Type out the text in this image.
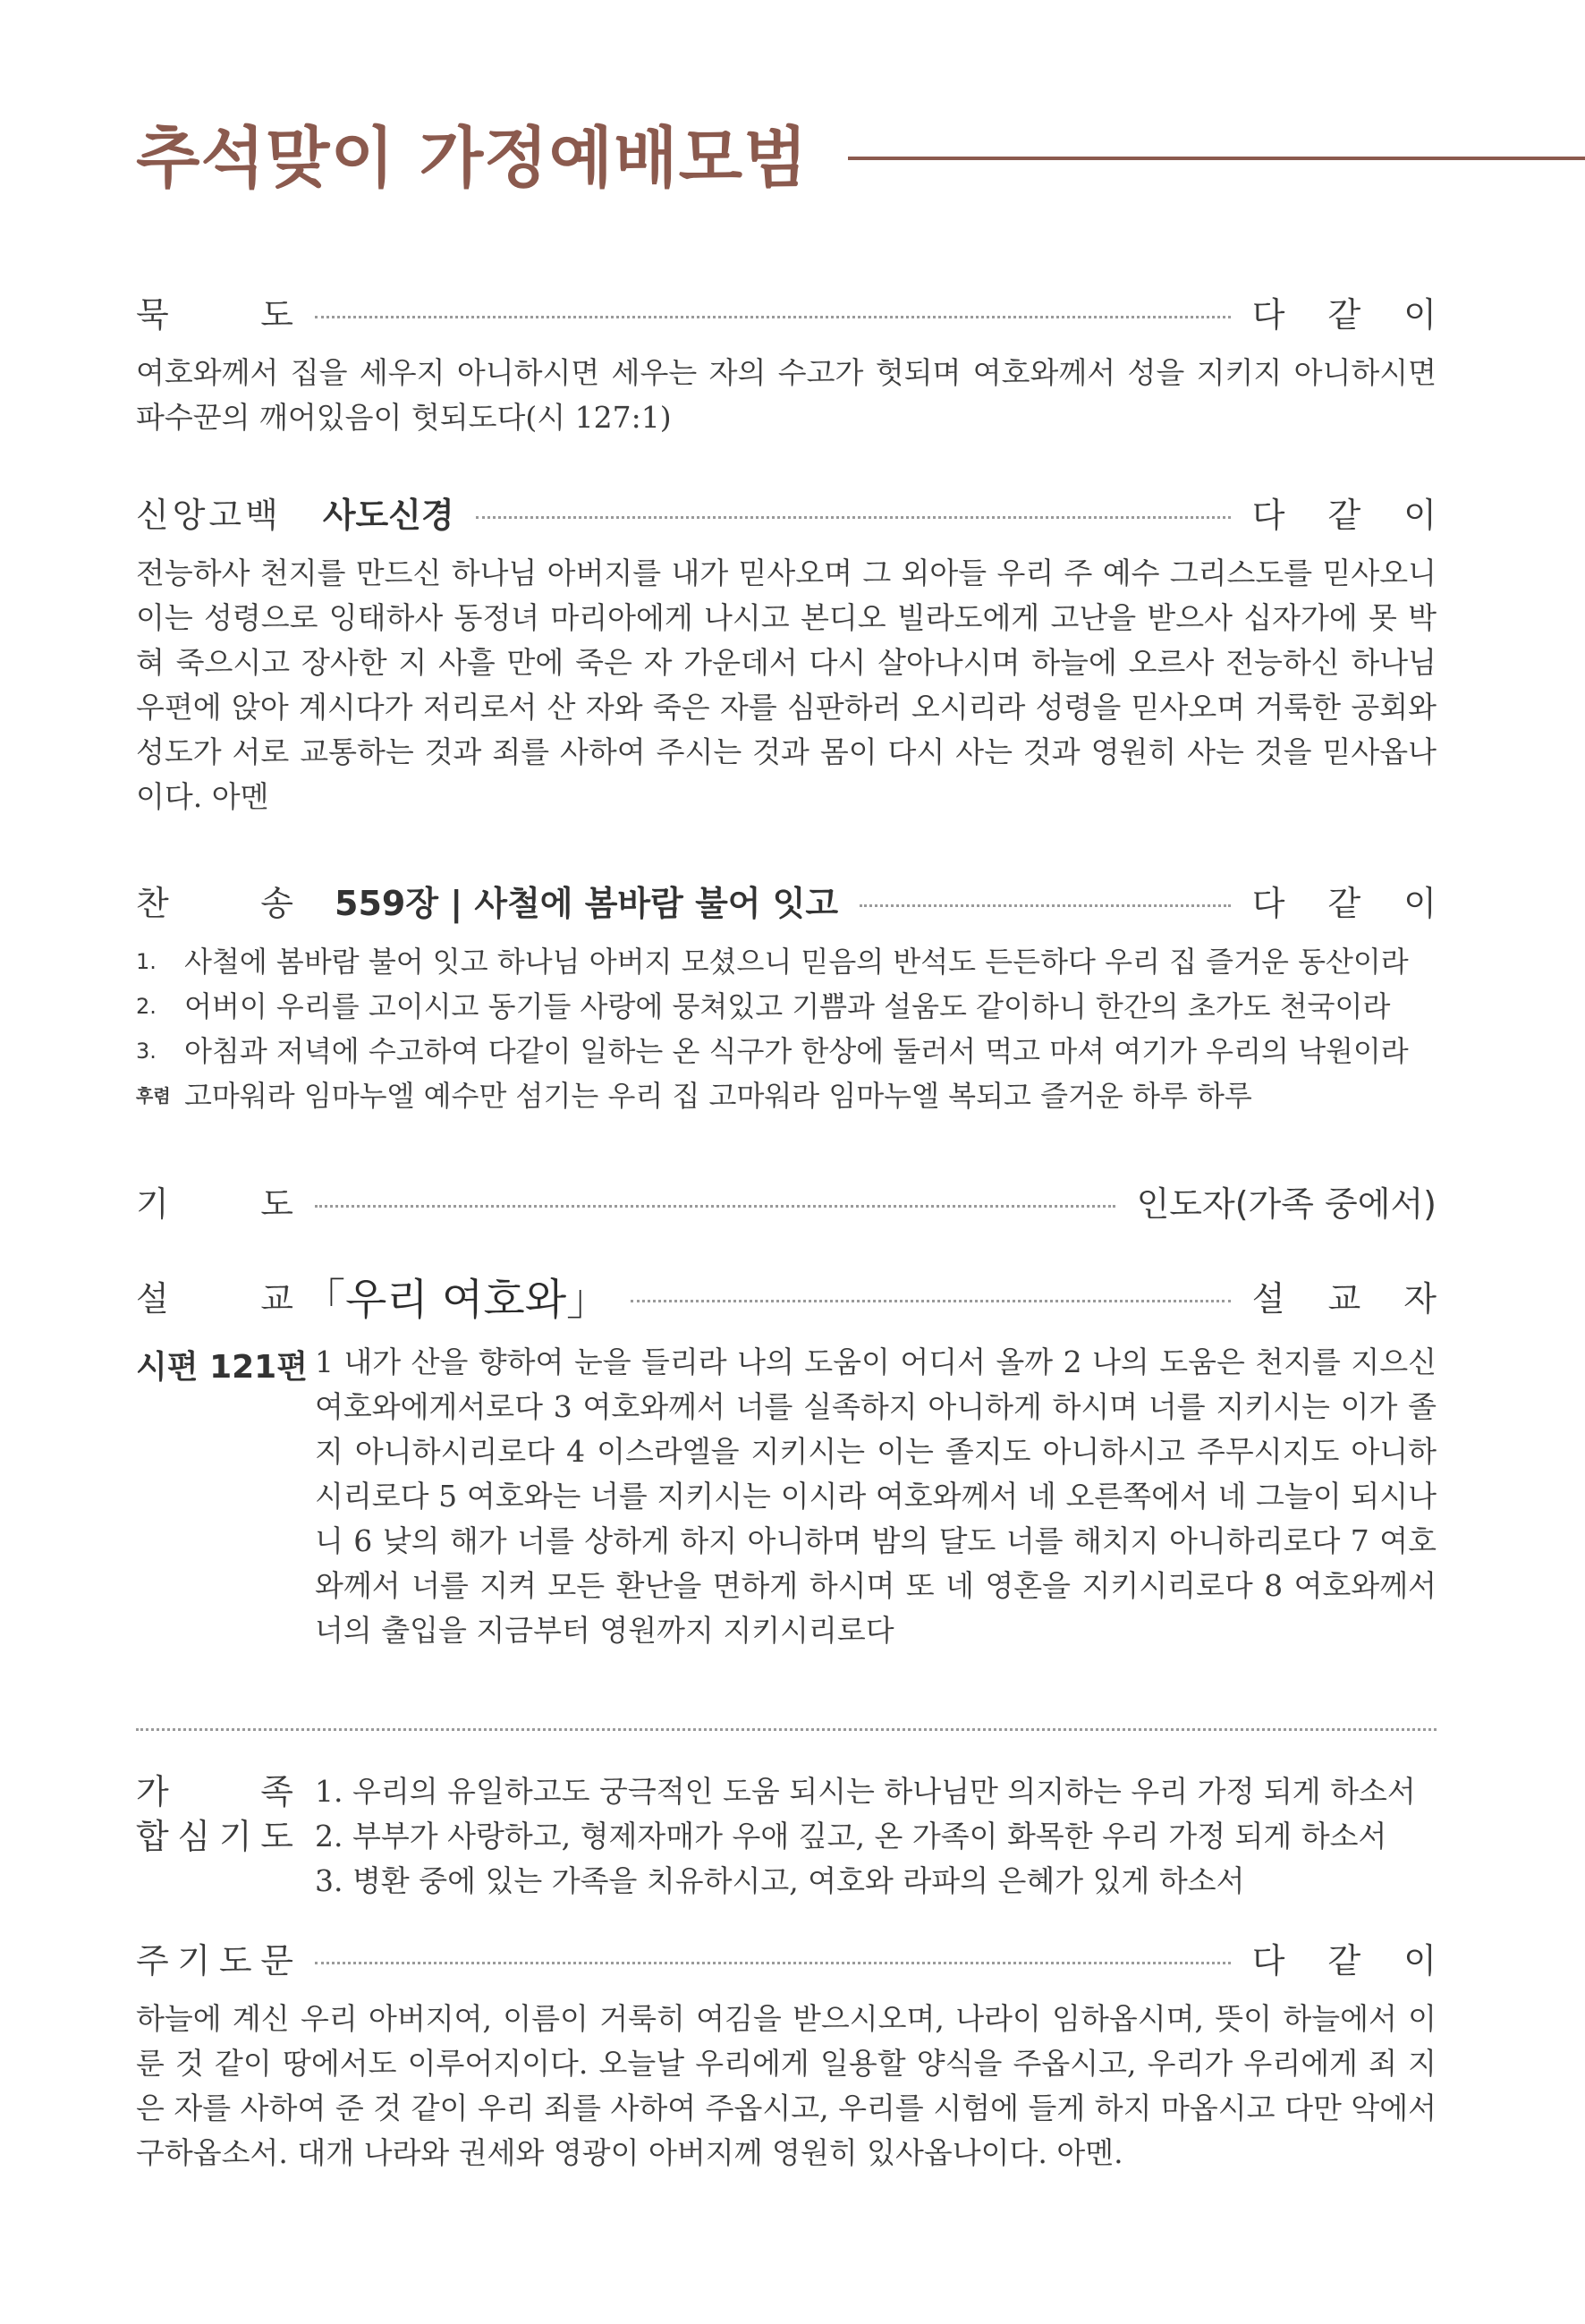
추석맞이 가정예배모범
묵	도	다 같 이
여호와께서 집을 세우지 아니하시면 세우는 자의 수고가 헛되며 여호와께서 성을 지키지 아니하시면 파수꾼의 깨어있음이 헛되도다(시 127:1)
신앙고백 사도신경	다 같 이
전능하사 천지를 만드신 하나님 아버지를 내가 믿사오며 그 외아들 우리 주 예수 그리스도를 믿사오니 이는 성령으로 잉태하사 동정녀 마리아에게 나시고 본디오 빌라도에게 고난을 받으사 십자가에 못 박혀 죽으시고 장사한 지 사흘 만에 죽은 자 가운데서 다시 살아나시며 하늘에 오르사 전능하신 하나님 우편에 앉아 계시다가 저리로서 산 자와 죽은 자를 심판하러 오시리라 성령을 믿사오며 거룩한 공회와 성도가 서로 교통하는 것과 죄를 사하여 주시는 것과 몸이 다시 사는 것과 영원히 사는 것을 믿사옵나이다. 아멘
찬	송 559장 | 사철에 봄바람 불어 잇고	다 같 이
1. 사철에 봄바람 불어 잇고 하나님 아버지 모셨으니 믿음의 반석도 든든하다 우리 집 즐거운 동산이라
2. 어버이 우리를 고이시고 동기들 사랑에 뭉쳐있고 기쁨과 설움도 같이하니 한간의 초가도 천국이라
3. 아침과 저녁에 수고하여 다같이 일하는 온 식구가 한상에 둘러서 먹고 마셔 여기가 우리의 낙원이라
후렴 고마워라 임마누엘 예수만 섬기는 우리 집 고마워라 임마누엘 복되고 즐거운 하루 하루
기	도	인도자(가족 중에서)
설	교 「우리 여호와」	설 교 자
시편 121편 1 내가 산을 향하여 눈을 들리라 나의 도움이 어디서 올까 2 나의 도움은 천지를 지으신 여호와에게서로다 3 여호와께서 너를 실족하지 아니하게 하시며 너를 지키시는 이가 졸지 아니하시리로다 4 이스라엘을 지키시는 이는 졸지도 아니하시고 주무시지도 아니하시리로다 5 여호와는 너를 지키시는 이시라 여호와께서 네 오른쪽에서 네 그늘이 되시나니 6 낮의 해가 너를 상하게 하지 아니하며 밤의 달도 너를 해치지 아니하리로다 7 여호와께서 너를 지켜 모든 환난을 면하게 하시며 또 네 영혼을 지키시리로다 8 여호와께서 너의 출입을 지금부터 영원까지 지키시리로다
가	족
합 심 기 도
1. 우리의 유일하고도 궁극적인 도움 되시는 하나님만 의지하는 우리 가정 되게 하소서
2. 부부가 사랑하고, 형제자매가 우애 깊고, 온 가족이 화목한 우리 가정 되게 하소서
3. 병환 중에 있는 가족을 치유하시고, 여호와 라파의 은혜가 있게 하소서
주 기 도 문	다 같 이
하늘에 계신 우리 아버지여, 이름이 거룩히 여김을 받으시오며, 나라이 임하옵시며, 뜻이 하늘에서 이룬 것 같이 땅에서도 이루어지이다. 오늘날 우리에게 일용할 양식을 주옵시고, 우리가 우리에게 죄 지은 자를 사하여 준 것 같이 우리 죄를 사하여 주옵시고, 우리를 시험에 들게 하지 마옵시고 다만 악에서 구하옵소서. 대개 나라와 권세와 영광이 아버지께 영원히 있사옵나이다. 아멘.
